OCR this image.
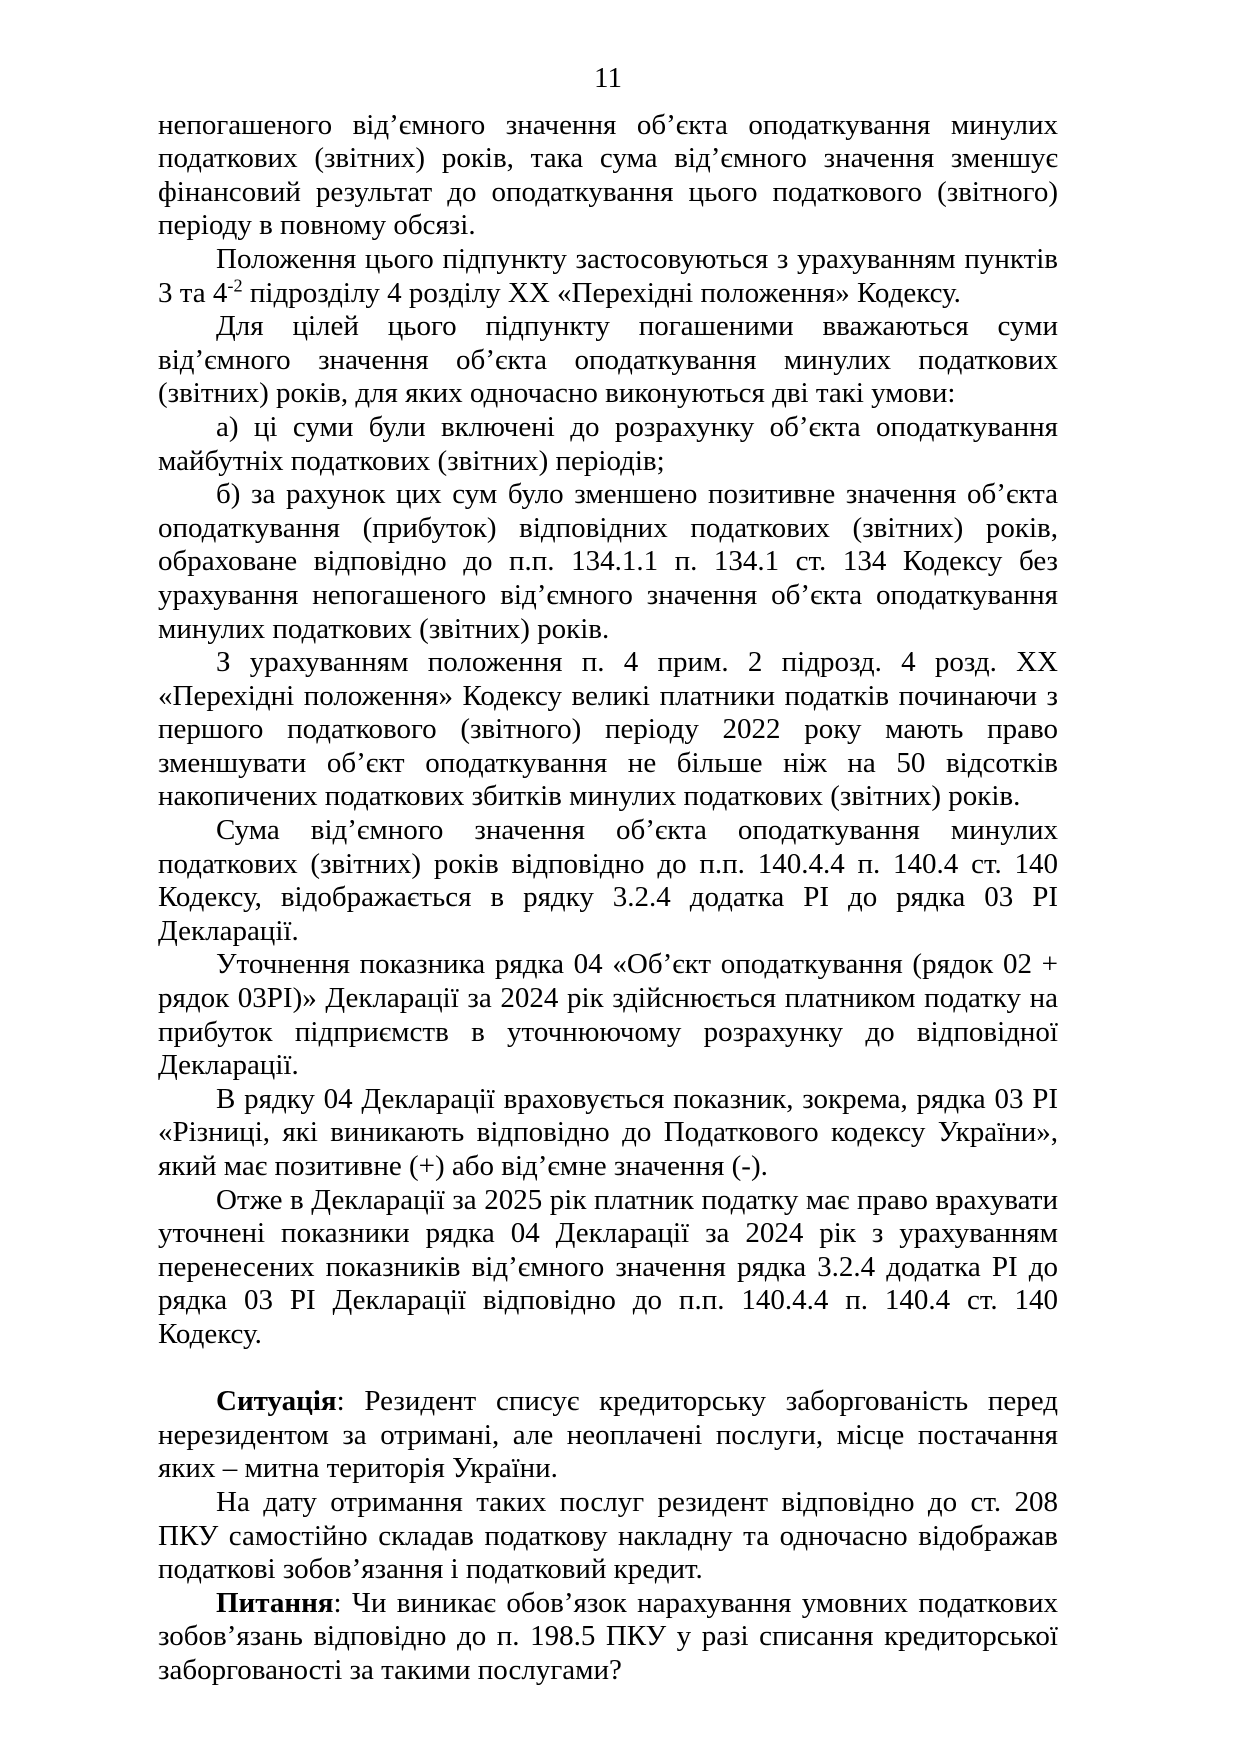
11

непогашеного від’ємного значення об’єкта оподаткування минулих податкових (звітних) років, така сума від’ємного значення зменшує фінансовий результат до оподаткування цього податкового (звітного) періоду в повному обсязі.

Положення цього підпункту застосовуються з урахуванням пунктів 3 та $4^{-2}$ підрозділу 4 розділу ХХ «Перехідні положення» Кодексу.

Для цілей цього підпункту погашеними вважаються суми від’ємного значення об’єкта оподаткування минулих податкових (звітних) років, для яких одночасно виконуються дві такі умови:

а) ці суми були включені до розрахунку об’єкта оподаткування майбутніх податкових (звітних) періодів;

б) за рахунок цих сум було зменшено позитивне значення об’єкта оподаткування (прибуток) відповідних податкових (звітних) років, обраховане відповідно до п.п. 134.1.1 п. 134.1 ст. 134 Кодексу без урахування непогашеного від’ємного значення об’єкта оподаткування минулих податкових (звітних) років.

З урахуванням положення п. 4 прим. 2 підрозд. 4 розд. ХХ «Перехідні положення» Кодексу великі платники податків починаючи з першого податкового (звітного) періоду 2022 року мають право зменшувати об’єкт оподаткування не більше ніж на 50 відсотків накопичених податкових збитків минулих податкових (звітних) років.

Сума від’ємного значення об’єкта оподаткування минулих податкових (звітних) років відповідно до п.п. 140.4.4 п. 140.4 ст. 140 Кодексу, відображається в рядку 3.2.4 додатка РІ до рядка 03 РІ Декларації.

Уточнення показника рядка 04 «Об’єкт оподаткування (рядок 02 + рядок 03РІ)» Декларації за 2024 рік здійснюється платником податку на прибуток підприємств в уточнюючому розрахунку до відповідної Декларації.

В рядку 04 Декларації враховується показник, зокрема, рядка 03 РІ «Різниці, які виникають відповідно до Податкового кодексу України», який має позитивне (+) або від’ємне значення (-).

Отже в Декларації за 2025 рік платник податку має право врахувати уточнені показники рядка 04 Декларації за 2024 рік з урахуванням перенесених показників від’ємного значення рядка 3.2.4 додатка РІ до рядка 03 РІ Декларації відповідно до п.п. 140.4.4 п. 140.4 ст. 140 Кодексу.

Ситуація: Резидент списує кредиторську заборгованість перед нерезидентом за отримані, але неоплачені послуги, місце постачання яких – митна територія України.

На дату отримання таких послуг резидент відповідно до ст. 208 ПКУ самостійно складав податкову накладну та одночасно відображав податкові зобов’язання і податковий кредит.

Питання: Чи виникає обов’язок нарахування умовних податкових зобов’язань відповідно до п. 198.5 ПКУ у разі списання кредиторської заборгованості за такими послугами?
